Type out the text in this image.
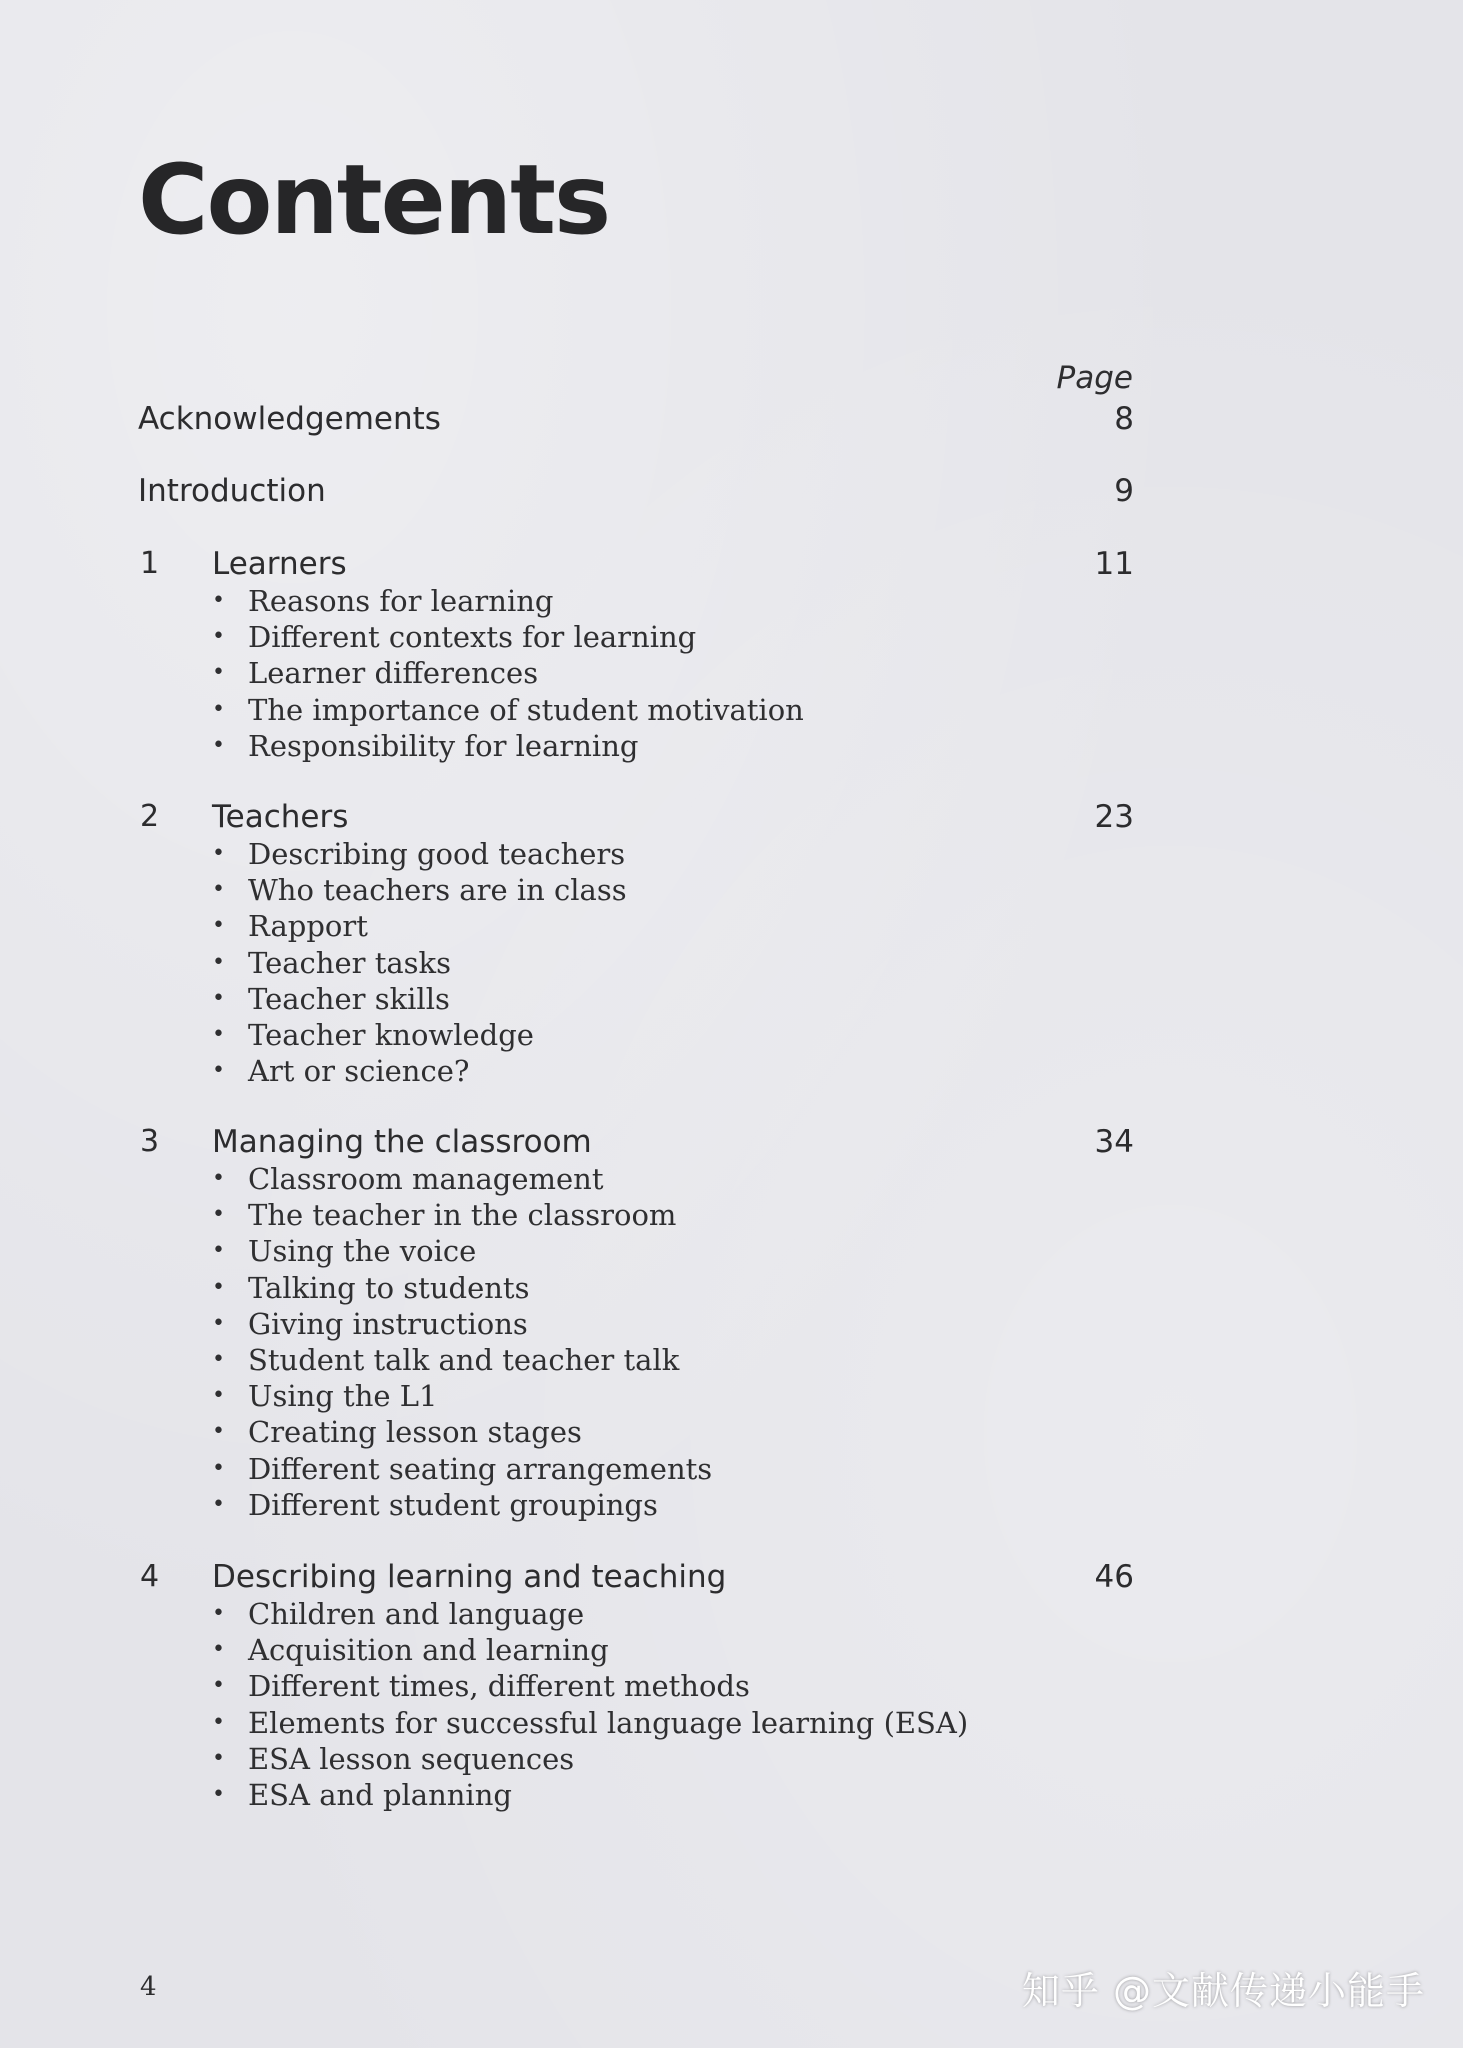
Contents
Page
Acknowledgements	8
Introduction	9
1 Learners	11
• Reasons for learning
• Different contexts for learning
• Learner differences
• The importance of student motivation
• Responsibility for learning
2 Teachers	23
• Describing good teachers
• Who teachers are in class
• Rapport
• Teacher tasks
• Teacher skills
• Teacher knowledge
• Art or science?
3 Managing the classroom	34
• Classroom management
• The teacher in the classroom
• Using the voice
• Talking to students
• Giving instructions
• Student talk and teacher talk
• Using the L1
• Creating lesson stages
• Different seating arrangements
• Different student groupings
4 Describing learning and teaching	46
• Children and language
• Acquisition and learning
• Different times, different methods
• Elements for successful language learning (ESA)
• ESA lesson sequences
• ESA and planning
4	知乎 @文献传递小能手
